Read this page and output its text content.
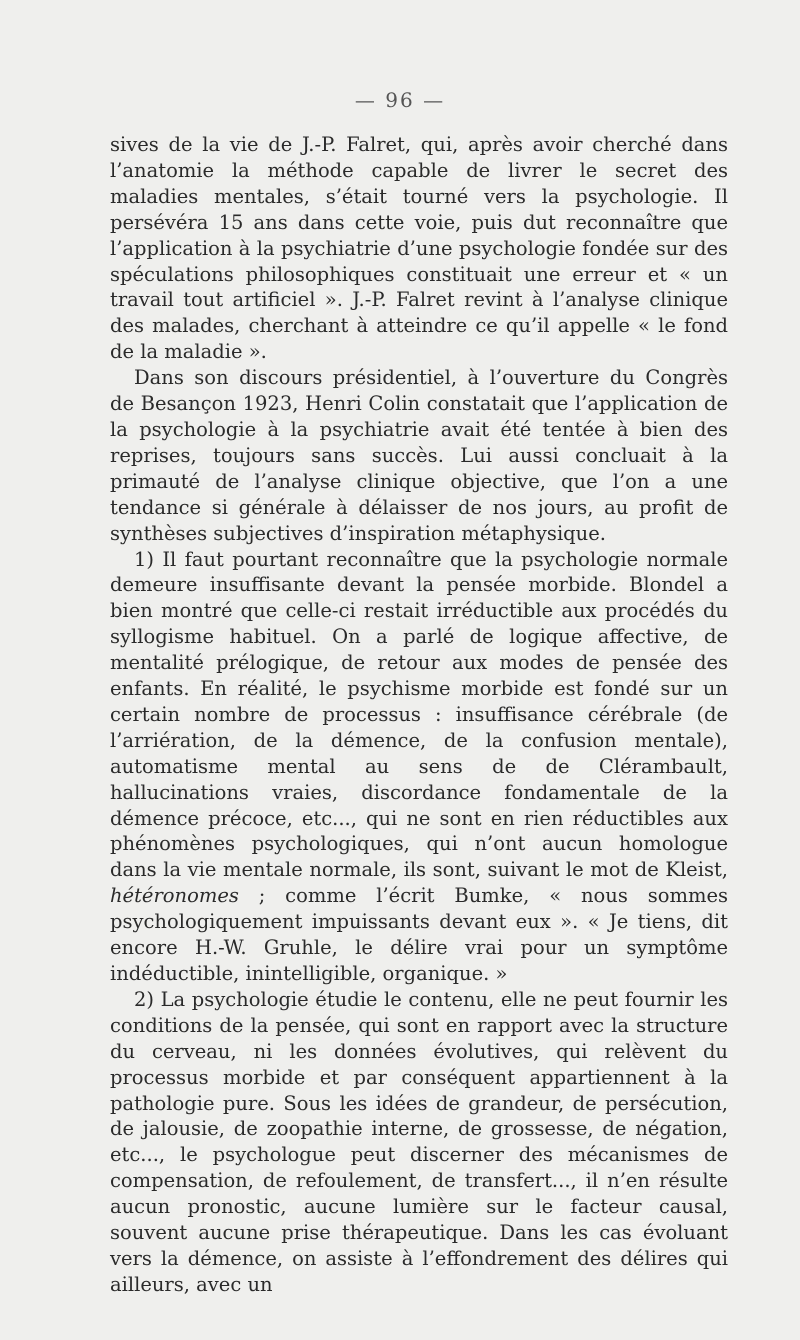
— 96 —

sives de la vie de J.-P. Falret, qui, après avoir cherché dans l’anatomie la méthode capable de livrer le secret des maladies mentales, s’était tourné vers la psychologie. Il persévéra 15 ans dans cette voie, puis dut reconnaître que l’application à la psychiatrie d’une psychologie fondée sur des spéculations philosophiques constituait une erreur et « un travail tout artificiel ». J.-P. Falret revint à l’analyse clinique des malades, cherchant à atteindre ce qu’il appelle « le fond de la maladie ».

Dans son discours présidentiel, à l’ouverture du Congrès de Besançon 1923, Henri Colin constatait que l’application de la psychologie à la psychiatrie avait été tentée à bien des reprises, toujours sans succès. Lui aussi concluait à la primauté de l’analyse clinique objective, que l’on a une tendance si générale à délaisser de nos jours, au profit de synthèses subjectives d’inspiration métaphysique.

1) Il faut pourtant reconnaître que la psychologie normale demeure insuffisante devant la pensée morbide. Blondel a bien montré que celle-ci restait irréductible aux procédés du syllogisme habituel. On a parlé de logique affective, de mentalité prélogique, de retour aux modes de pensée des enfants. En réalité, le psychisme morbide est fondé sur un certain nombre de processus : insuffisance cérébrale (de l’arriération, de la démence, de la confusion mentale), automatisme mental au sens de de Clérambault, hallucinations vraies, discordance fondamentale de la démence précoce, etc..., qui ne sont en rien réductibles aux phénomènes psychologiques, qui n’ont aucun homologue dans la vie mentale normale, ils sont, suivant le mot de Kleist, hétéronomes ; comme l’écrit Bumke, « nous sommes psychologiquement impuissants devant eux ». « Je tiens, dit encore H.-W. Gruhle, le délire vrai pour un symptôme indéductible, inintelligible, organique. »

2) La psychologie étudie le contenu, elle ne peut fournir les conditions de la pensée, qui sont en rapport avec la structure du cerveau, ni les données évolutives, qui relèvent du processus morbide et par conséquent appartiennent à la pathologie pure. Sous les idées de grandeur, de persécution, de jalousie, de zoopathie interne, de grossesse, de négation, etc..., le psychologue peut discerner des mécanismes de compensation, de refoulement, de transfert..., il n’en résulte aucun pronostic, aucune lumière sur le facteur causal, souvent aucune prise thérapeutique. Dans les cas évoluant vers la démence, on assiste à l’effondrement des délires qui ailleurs, avec un
